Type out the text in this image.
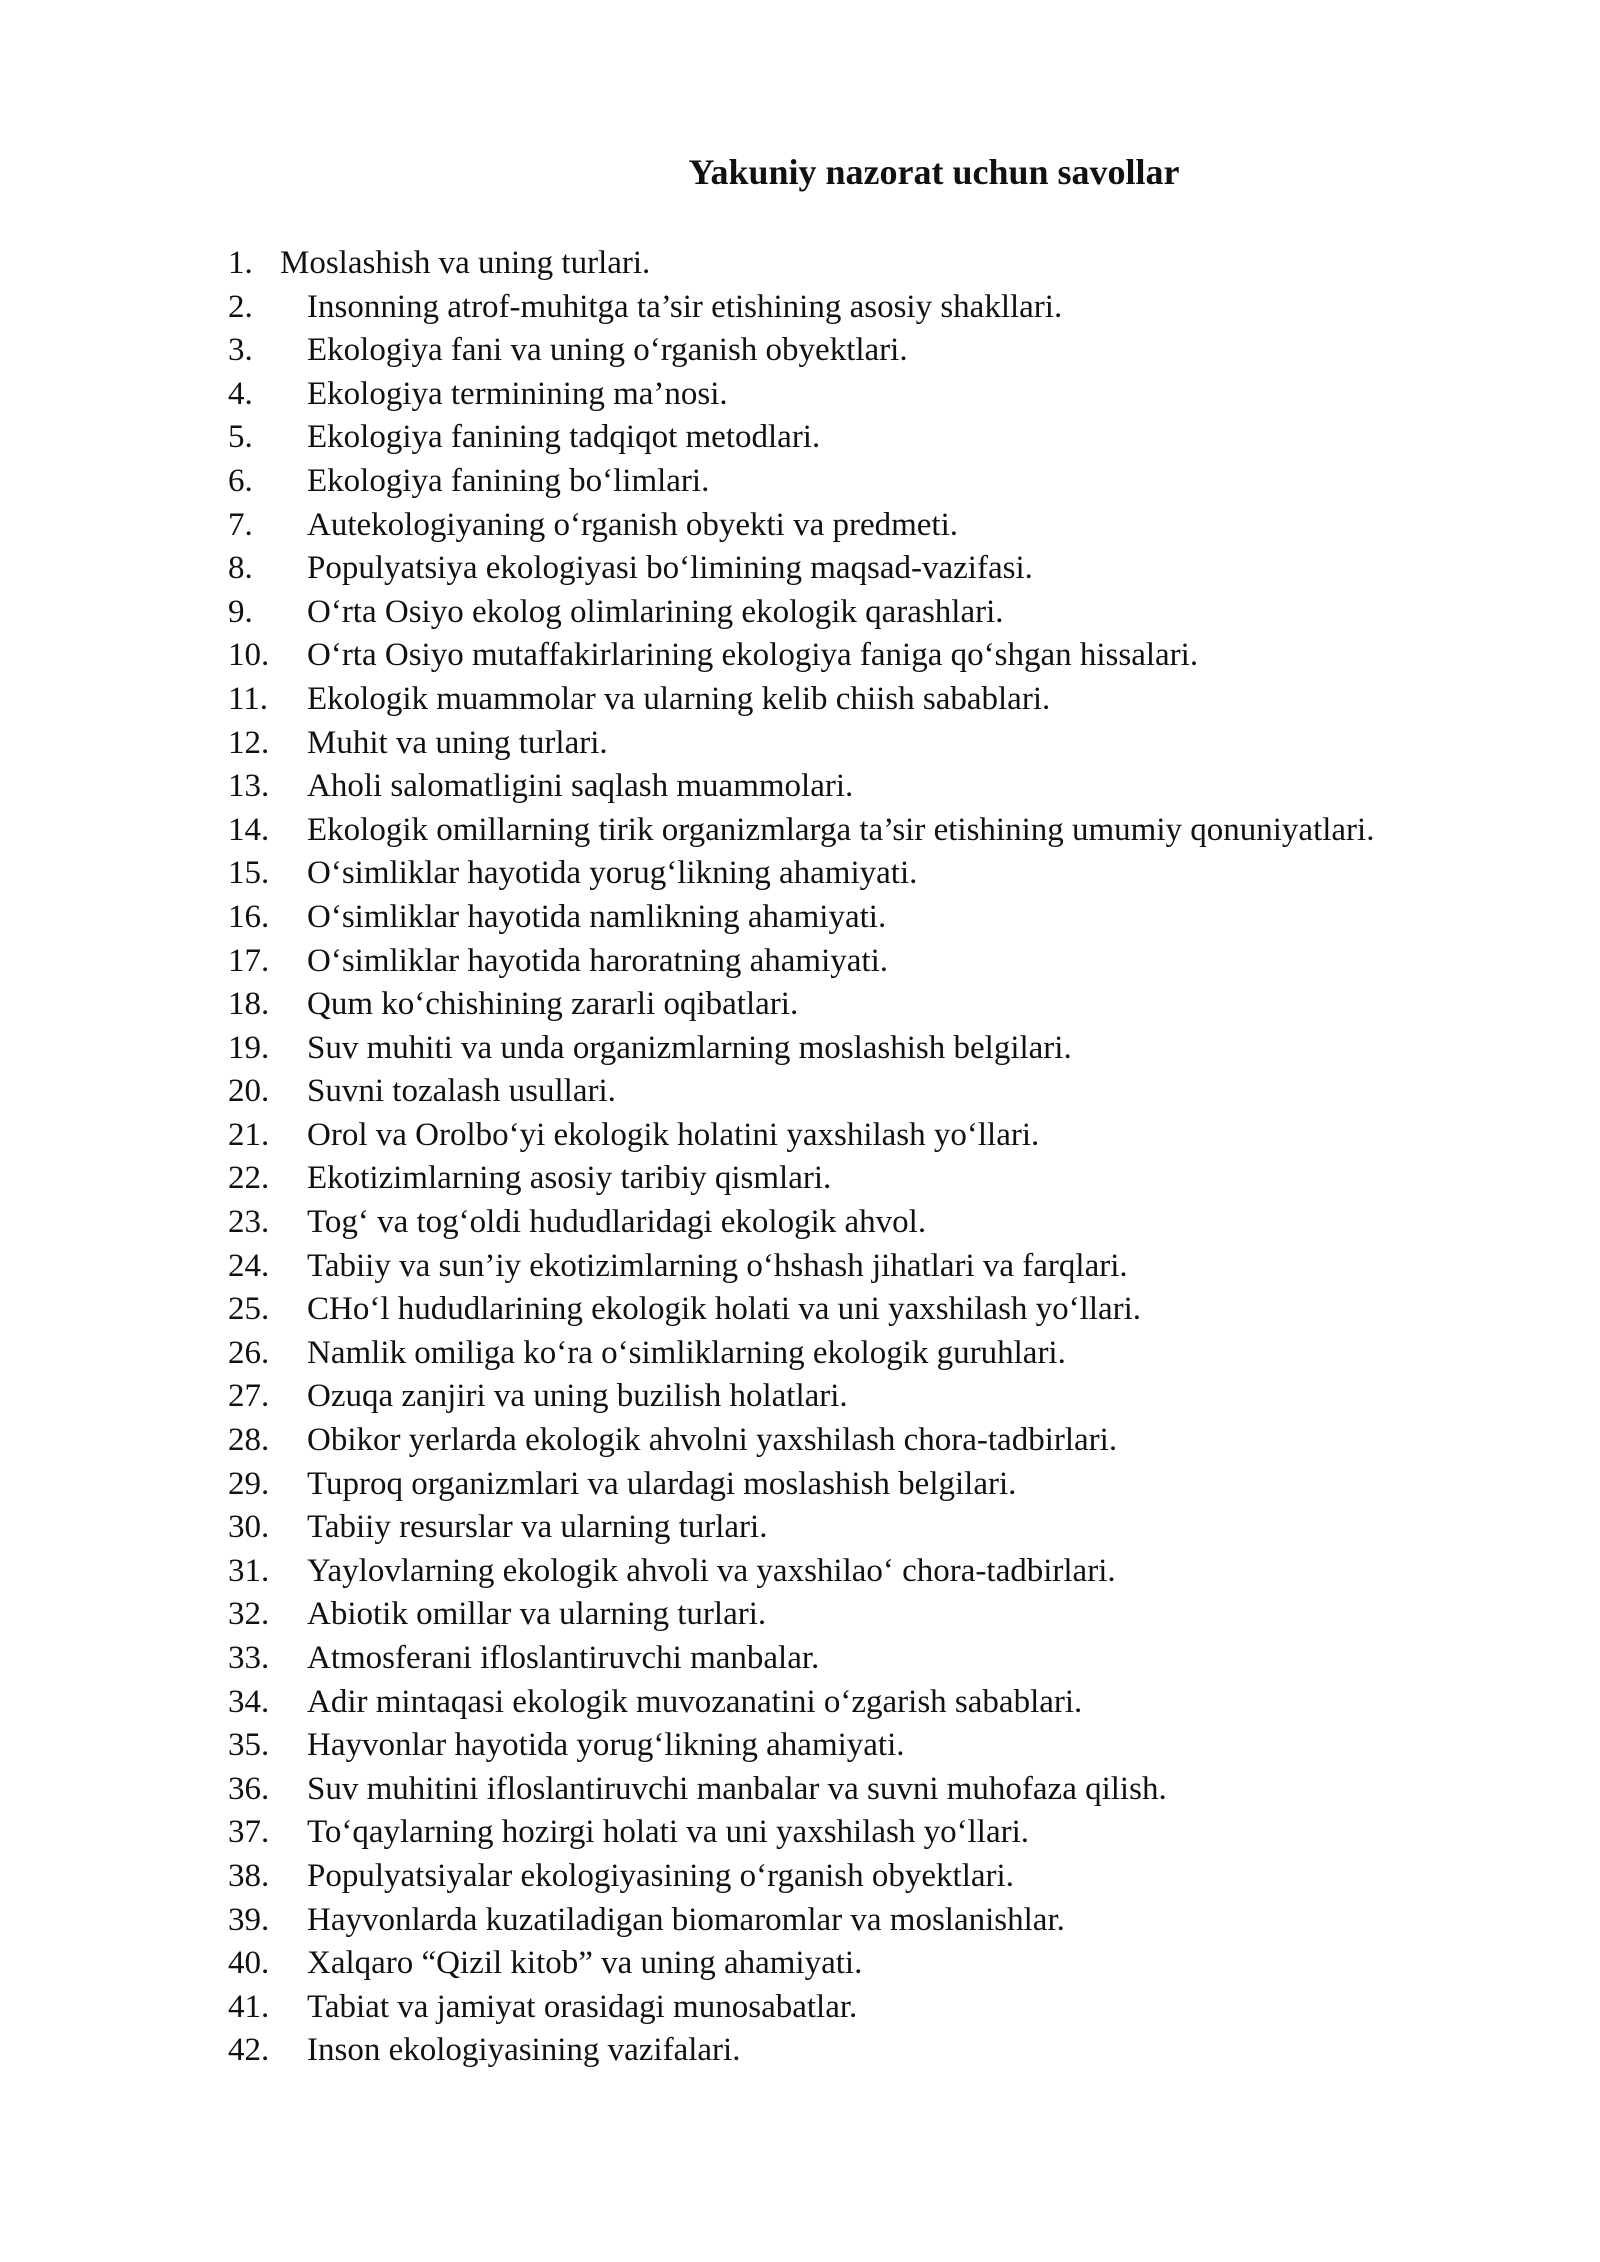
Yakuniy nazorat uchun savollar
1. Moslashish va uning turlari.
2. Insonning atrof-muhitga ta’sir etishining asosiy shakllari.
3. Ekologiya fani va uning o‘rganish obyektlari.
4. Ekologiya terminining ma’nosi.
5. Ekologiya fanining tadqiqot metodlari.
6. Ekologiya fanining bo‘limlari.
7. Autekologiyaning o‘rganish obyekti va predmeti.
8. Populyatsiya ekologiyasi bo‘limining maqsad-vazifasi.
9. O‘rta Osiyo ekolog olimlarining ekologik qarashlari.
10. O‘rta Osiyo mutaffakirlarining ekologiya faniga qo‘shgan hissalari.
11. Ekologik muammolar va ularning kelib chiish sabablari.
12. Muhit va uning turlari.
13. Aholi salomatligini saqlash muammolari.
14. Ekologik omillarning tirik organizmlarga ta’sir etishining umumiy qonuniyatlari.
15. O‘simliklar hayotida yorug‘likning ahamiyati.
16. O‘simliklar hayotida namlikning ahamiyati.
17. O‘simliklar hayotida haroratning ahamiyati.
18. Qum ko‘chishining zararli oqibatlari.
19. Suv muhiti va unda organizmlarning moslashish belgilari.
20. Suvni tozalash usullari.
21. Orol va Orolbo‘yi ekologik holatini yaxshilash yo‘llari.
22. Ekotizimlarning asosiy taribiy qismlari.
23. Tog‘ va tog‘oldi hududlaridagi ekologik ahvol.
24. Tabiiy va sun’iy ekotizimlarning o‘hshash jihatlari va farqlari.
25. CHo‘l hududlarining ekologik holati va uni yaxshilash yo‘llari.
26. Namlik omiliga ko‘ra o‘simliklarning ekologik guruhlari.
27. Ozuqa zanjiri va uning buzilish holatlari.
28. Obikor yerlarda ekologik ahvolni yaxshilash chora-tadbirlari.
29. Tuproq organizmlari va ulardagi moslashish belgilari.
30. Tabiiy resurslar va ularning turlari.
31. Yaylovlarning ekologik ahvoli va yaxshilao‘ chora-tadbirlari.
32. Abiotik omillar va ularning turlari.
33. Atmosferani ifloslantiruvchi manbalar.
34. Adir mintaqasi ekologik muvozanatini o‘zgarish sabablari.
35. Hayvonlar hayotida yorug‘likning ahamiyati.
36. Suv muhitini ifloslantiruvchi manbalar va suvni muhofaza qilish.
37. To‘qaylarning hozirgi holati va uni yaxshilash yo‘llari.
38. Populyatsiyalar ekologiyasining o‘rganish obyektlari.
39. Hayvonlarda kuzatiladigan biomaromlar va moslanishlar.
40. Xalqaro “Qizil kitob” va uning ahamiyati.
41. Tabiat va jamiyat orasidagi munosabatlar.
42. Inson ekologiyasining vazifalari.
